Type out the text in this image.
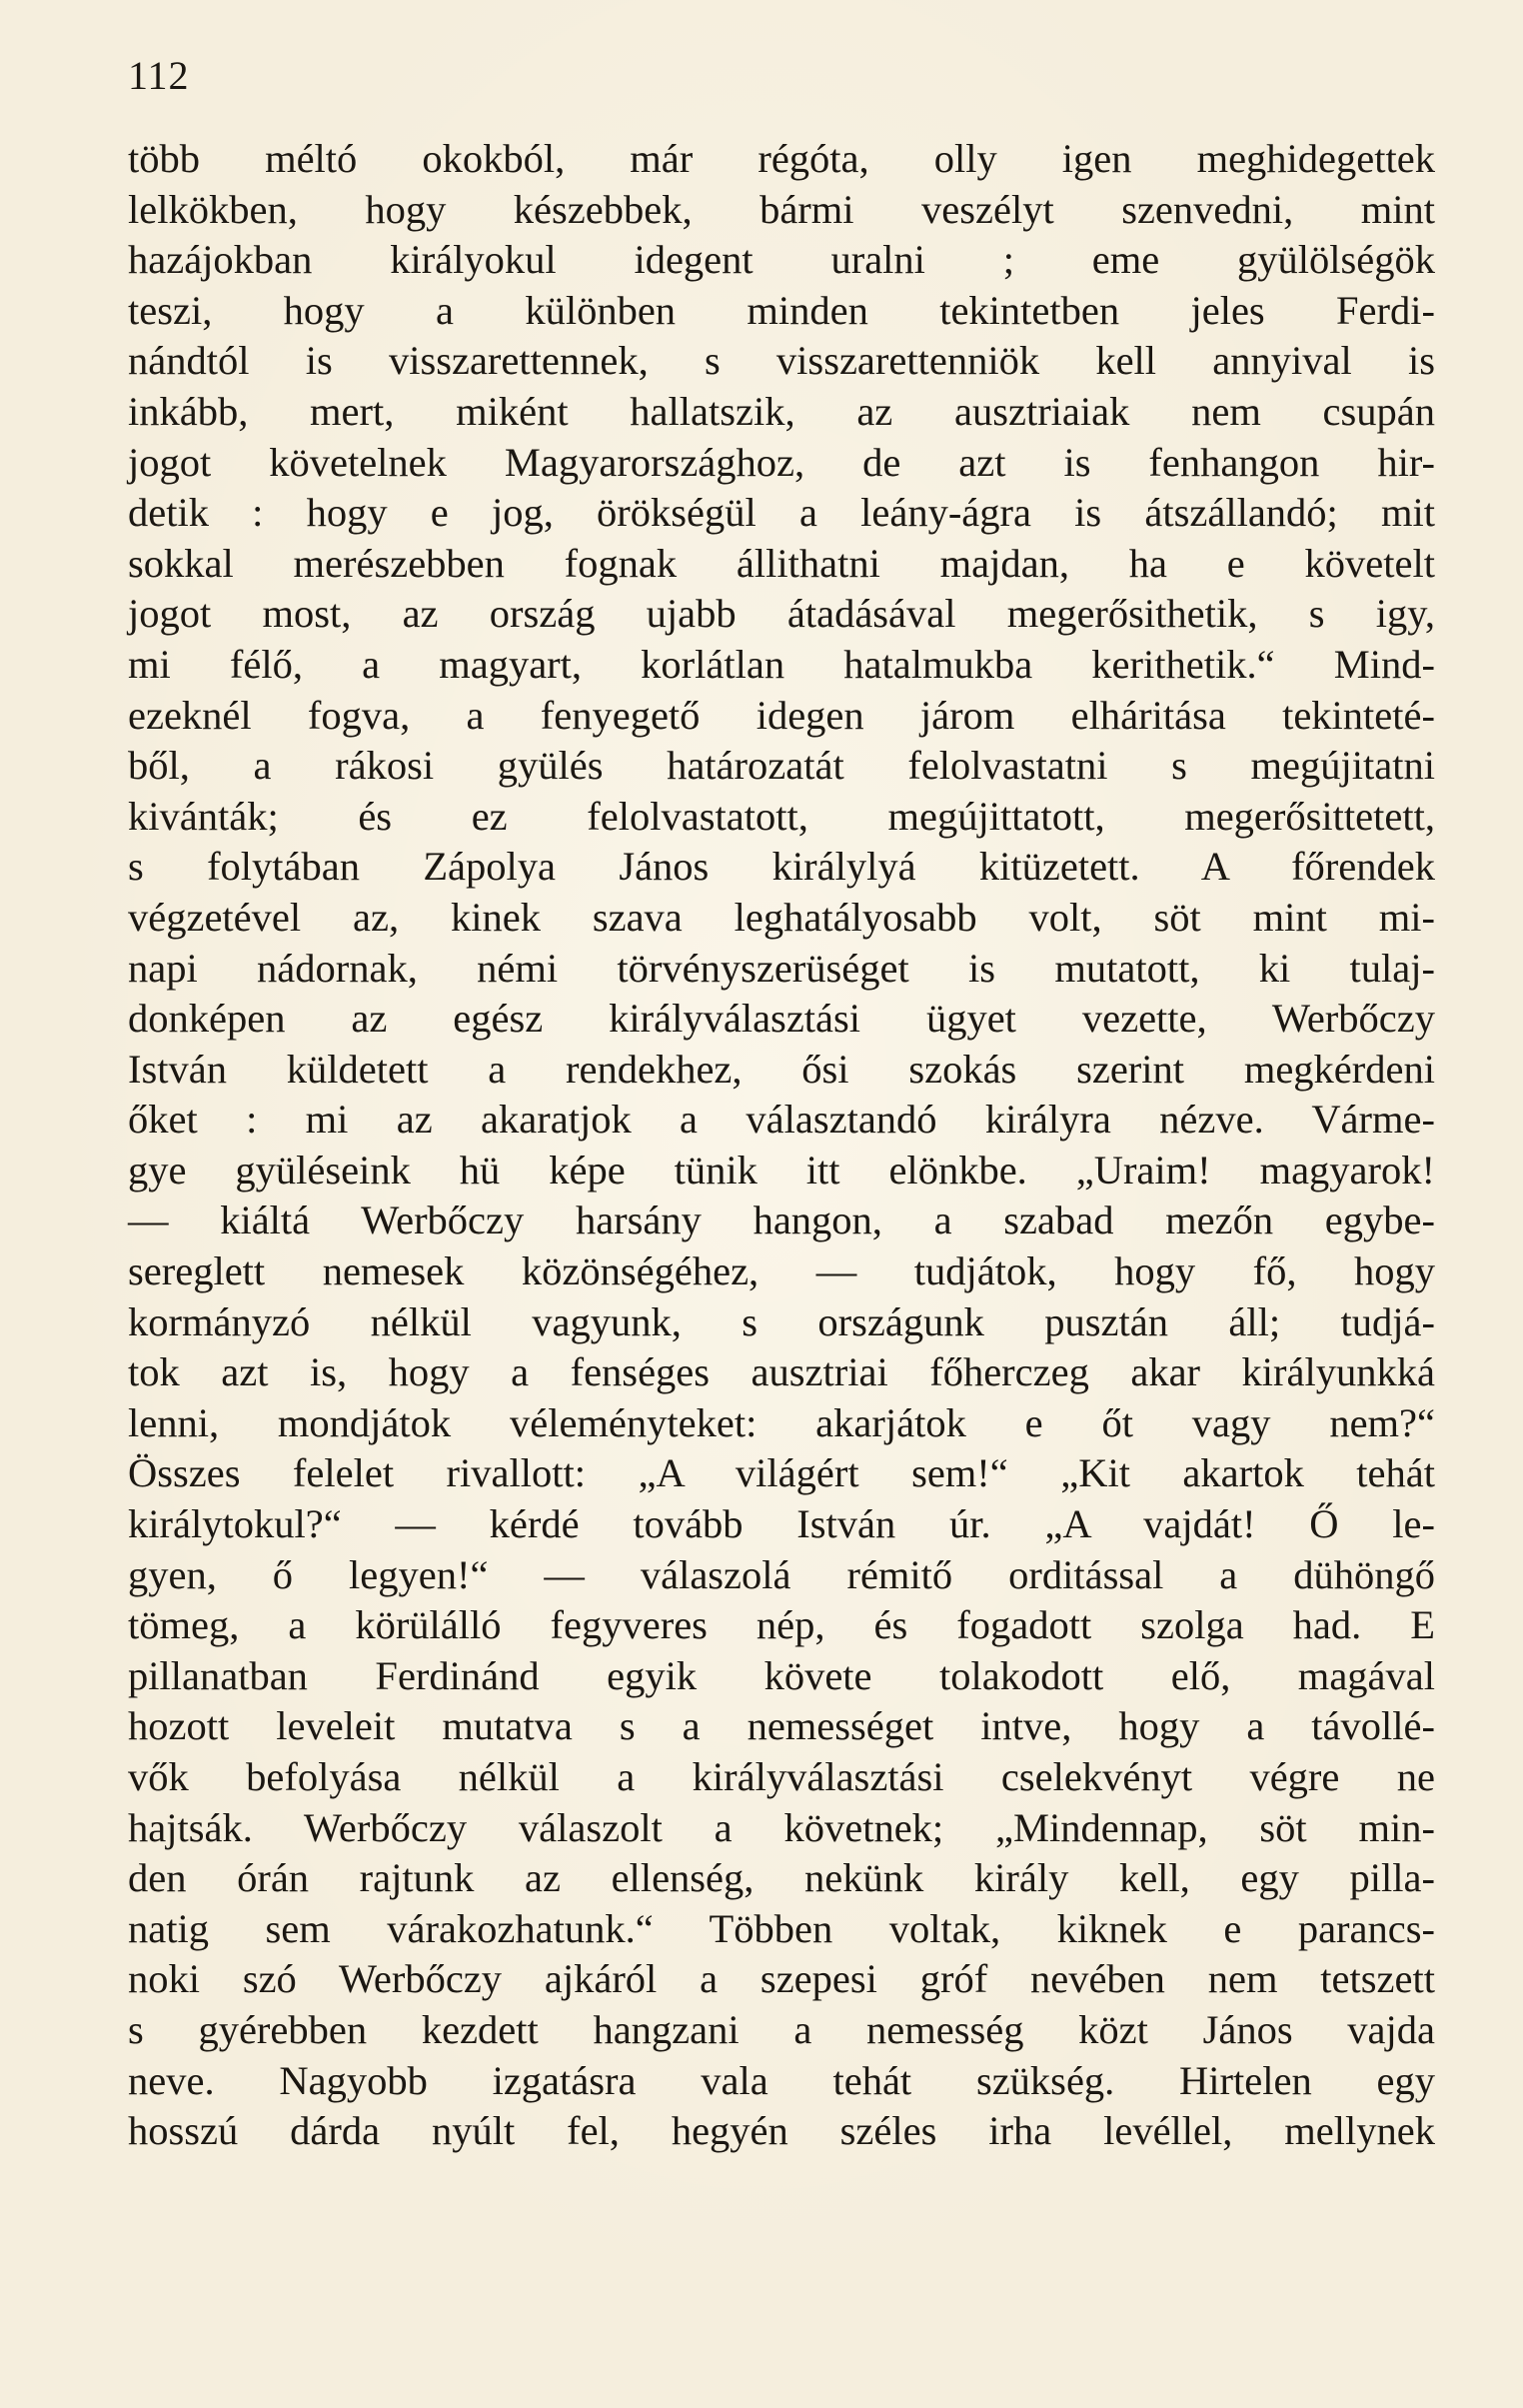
112
több méltó okokból, már régóta, olly igen meghidegettek
lelkökben, hogy készebbek, bármi veszélyt szenvedni, mint
hazájokban királyokul idegent uralni ; eme gyülölségök
teszi, hogy a különben minden tekintetben jeles Ferdi-
nándtól is visszarettennek, s visszarettenniök kell annyival is
inkább, mert, miként hallatszik, az ausztriaiak nem csupán
jogot követelnek Magyarországhoz, de azt is fenhangon hir-
detik : hogy e jog, örökségül a leány-ágra is átszállandó; mit
sokkal merészebben fognak állithatni majdan, ha e követelt
jogot most, az ország ujabb átadásával megerősithetik, s igy,
mi félő, a magyart, korlátlan hatalmukba kerithetik.“ Mind-
ezeknél fogva, a fenyegető idegen járom elháritása tekinteté-
ből, a rákosi gyülés határozatát felolvastatni s megújitatni
kivánták; és ez felolvastatott, megújittatott, megerősittetett,
s folytában Zápolya János királylyá kitüzetett. A főrendek
végzetével az, kinek szava leghatályosabb volt, söt mint mi-
napi nádornak, némi törvényszerüséget is mutatott, ki tulaj-
donképen az egész királyválasztási ügyet vezette, Werbőczy
István küldetett a rendekhez, ősi szokás szerint megkérdeni
őket : mi az akaratjok a választandó királyra nézve. Várme-
gye gyüléseink hü képe tünik itt elönkbe. „Uraim! magyarok!
— kiáltá Werbőczy harsány hangon, a szabad mezőn egybe-
sereglett nemesek közönségéhez, — tudjátok, hogy fő, hogy
kormányzó nélkül vagyunk, s országunk pusztán áll; tudjá-
tok azt is, hogy a fenséges ausztriai főherczeg akar királyunkká
lenni, mondjátok véleményteket: akarjátok e őt vagy nem?“
Összes felelet rivallott: „A világért sem!“ „Kit akartok tehát
királytokul?“ — kérdé tovább István úr. „A vajdát! Ő le-
gyen, ő legyen!“ — válaszolá rémitő orditással a dühöngő
tömeg, a körülálló fegyveres nép, és fogadott szolga had. E
pillanatban Ferdinánd egyik követe tolakodott elő, magával
hozott leveleit mutatva s a nemességet intve, hogy a távollé-
vők befolyása nélkül a királyválasztási cselekvényt végre ne
hajtsák. Werbőczy válaszolt a követnek; „Mindennap, söt min-
den órán rajtunk az ellenség, nekünk király kell, egy pilla-
natig sem várakozhatunk.“ Többen voltak, kiknek e parancs-
noki szó Werbőczy ajkáról a szepesi gróf nevében nem tetszett
s gyérebben kezdett hangzani a nemesség közt János vajda
neve. Nagyobb izgatásra vala tehát szükség. Hirtelen egy
hosszú dárda nyúlt fel, hegyén széles irha levéllel, mellynek
